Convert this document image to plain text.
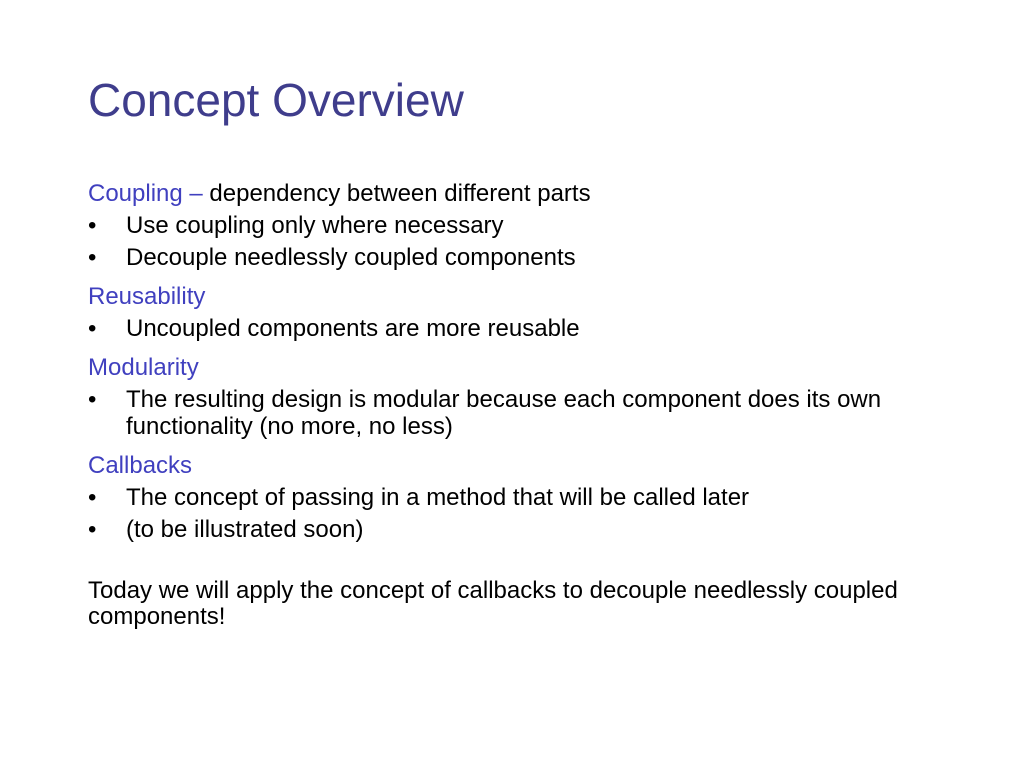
Concept Overview
Coupling – dependency between different parts
•	Use coupling only where necessary
•	Decouple needlessly coupled components
Reusability
•	Uncoupled components are more reusable
Modularity
•	The resulting design is modular because each component does its own functionality (no more, no less)
Callbacks
•	The concept of passing in a method that will be called later
•	(to be illustrated soon)
Today we will apply the concept of callbacks to decouple needlessly coupled components!
